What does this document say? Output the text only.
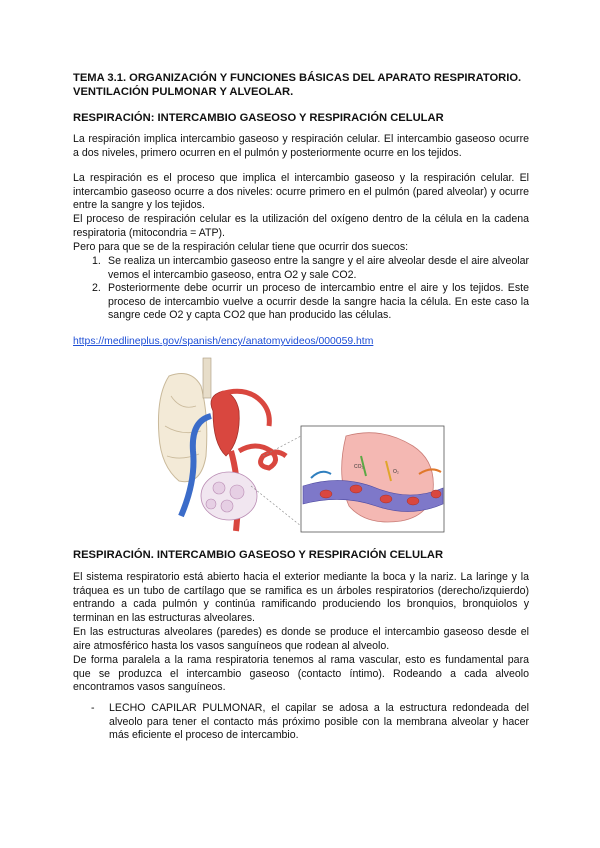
TEMA 3.1. ORGANIZACIÓN Y FUNCIONES BÁSICAS DEL APARATO RESPIRATORIO.
VENTILACIÓN PULMONAR Y ALVEOLAR.

RESPIRACIÓN: INTERCAMBIO GASEOSO Y RESPIRACIÓN CELULAR

La respiración implica intercambio gaseoso y respiración celular. El intercambio gaseoso ocurre a dos niveles, primero ocurren en el pulmón y posteriormente ocurre en los tejidos.

La respiración es el proceso que implica el intercambio gaseoso y la respiración celular. El intercambio gaseoso ocurre a dos niveles: ocurre primero en el pulmón (pared alveolar) y ocurre entre la sangre y los tejidos.

El proceso de respiración celular es la utilización del oxígeno dentro de la célula en la cadena respiratoria (mitocondria = ATP).

Pero para que se de la respiración celular tiene que ocurrir dos suecos:

1. Se realiza un intercambio gaseoso entre la sangre y el aire alveolar desde el aire alveolar vemos el intercambio gaseoso, entra O2 y sale CO2.
2. Posteriormente debe ocurrir un proceso de intercambio entre el aire y los tejidos. Este proceso de intercambio vuelve a ocurrir desde la sangre hacia la célula. En este caso la sangre cede O2 y capta CO2 que han producido las células.
https://medlineplus.gov/spanish/ency/anatomyvideos/000059.htm
CO₂
O₂

RESPIRACIÓN. INTERCAMBIO GASEOSO Y RESPIRACIÓN CELULAR

El sistema respiratorio está abierto hacia el exterior mediante la boca y la nariz. La laringe y la tráquea es un tubo de cartílago que se ramifica es un árboles respiratorios (derecho/izquierdo) entrando a cada pulmón y continúa ramificando produciendo los bronquios, bronquiolos y terminan en las estructuras alveolares.

En las estructuras alveolares (paredes) es donde se produce el intercambio gaseoso desde el aire atmosférico hasta los vasos sanguíneos que rodean al alveolo.

De forma paralela a la rama respiratoria tenemos al rama vascular, esto es fundamental para que se produzca el intercambio gaseoso (contacto íntimo). Rodeando a cada alveolo encontramos vasos sanguíneos.

- LECHO CAPILAR PULMONAR, el capilar se adosa a la estructura redondeada del alveolo para tener el contacto más próximo posible con la membrana alveolar y hacer más eficiente el proceso de intercambio.
